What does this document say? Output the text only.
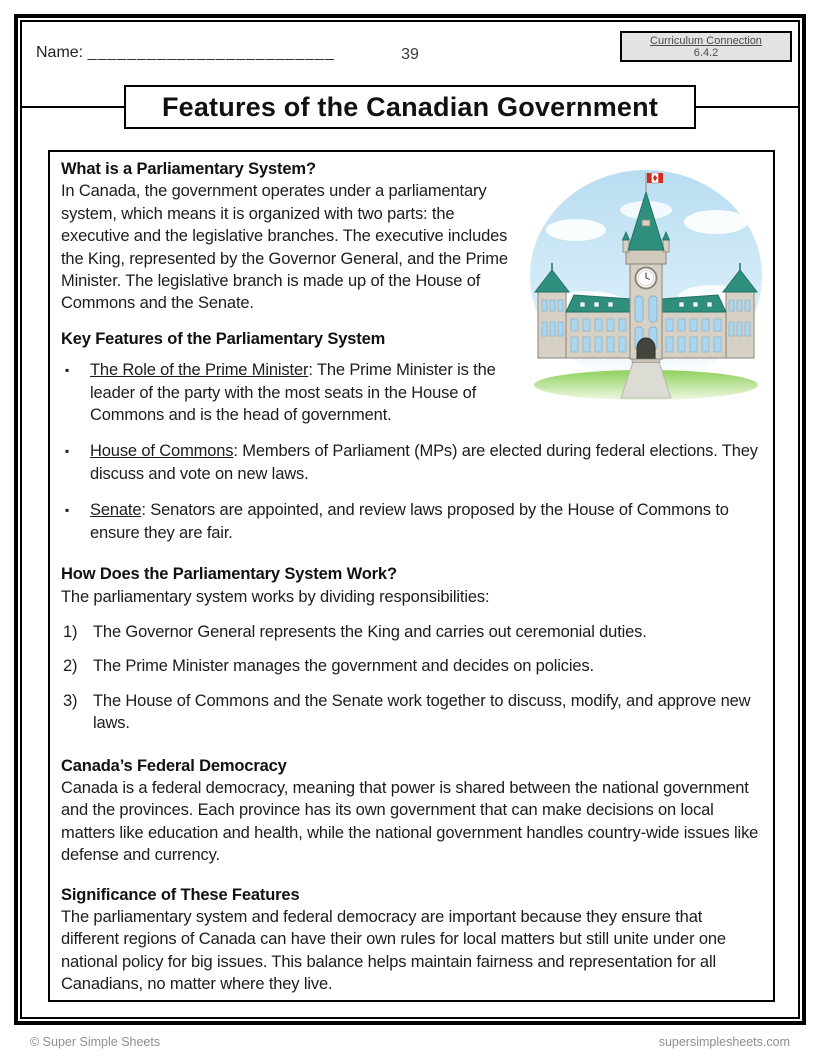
Name: _________________________	39
Curriculum Connection
6.4.2
Features of the Canadian Government
What is a Parliamentary System?

In Canada, the government operates under a parliamentary system, which means it is organized with two parts: the executive and the legislative branches. The executive includes the King, represented by the Governor General, and the Prime Minister. The legislative branch is made up of the House of Commons and the Senate.

Key Features of the Parliamentary System
▪	The Role of the Prime Minister: The Prime Minister is the leader of the party with the most seats in the House of Commons and is the head of government.

▪	House of Commons: Members of Parliament (MPs) are elected during federal elections. They discuss and vote on new laws.

▪	Senate: Senators are appointed, and review laws proposed by the House of Commons to ensure they are fair.

How Does the Parliamentary System Work?

The parliamentary system works by dividing responsibilities:

1) The Governor General represents the King and carries out ceremonial duties.

2) The Prime Minister manages the government and decides on policies.

3) The House of Commons and the Senate work together to discuss, modify, and approve new laws.

Canada’s Federal Democracy

Canada is a federal democracy, meaning that power is shared between the national government and the provinces. Each province has its own government that can make decisions on local matters like education and health, while the national government handles country-wide issues like defense and currency.

Significance of These Features

The parliamentary system and federal democracy are important because they ensure that different regions of Canada can have their own rules for local matters but still unite under one national policy for big issues. This balance helps maintain fairness and representation for all Canadians, no matter where they live.

© Super Simple Sheets	supersimplesheets.com
